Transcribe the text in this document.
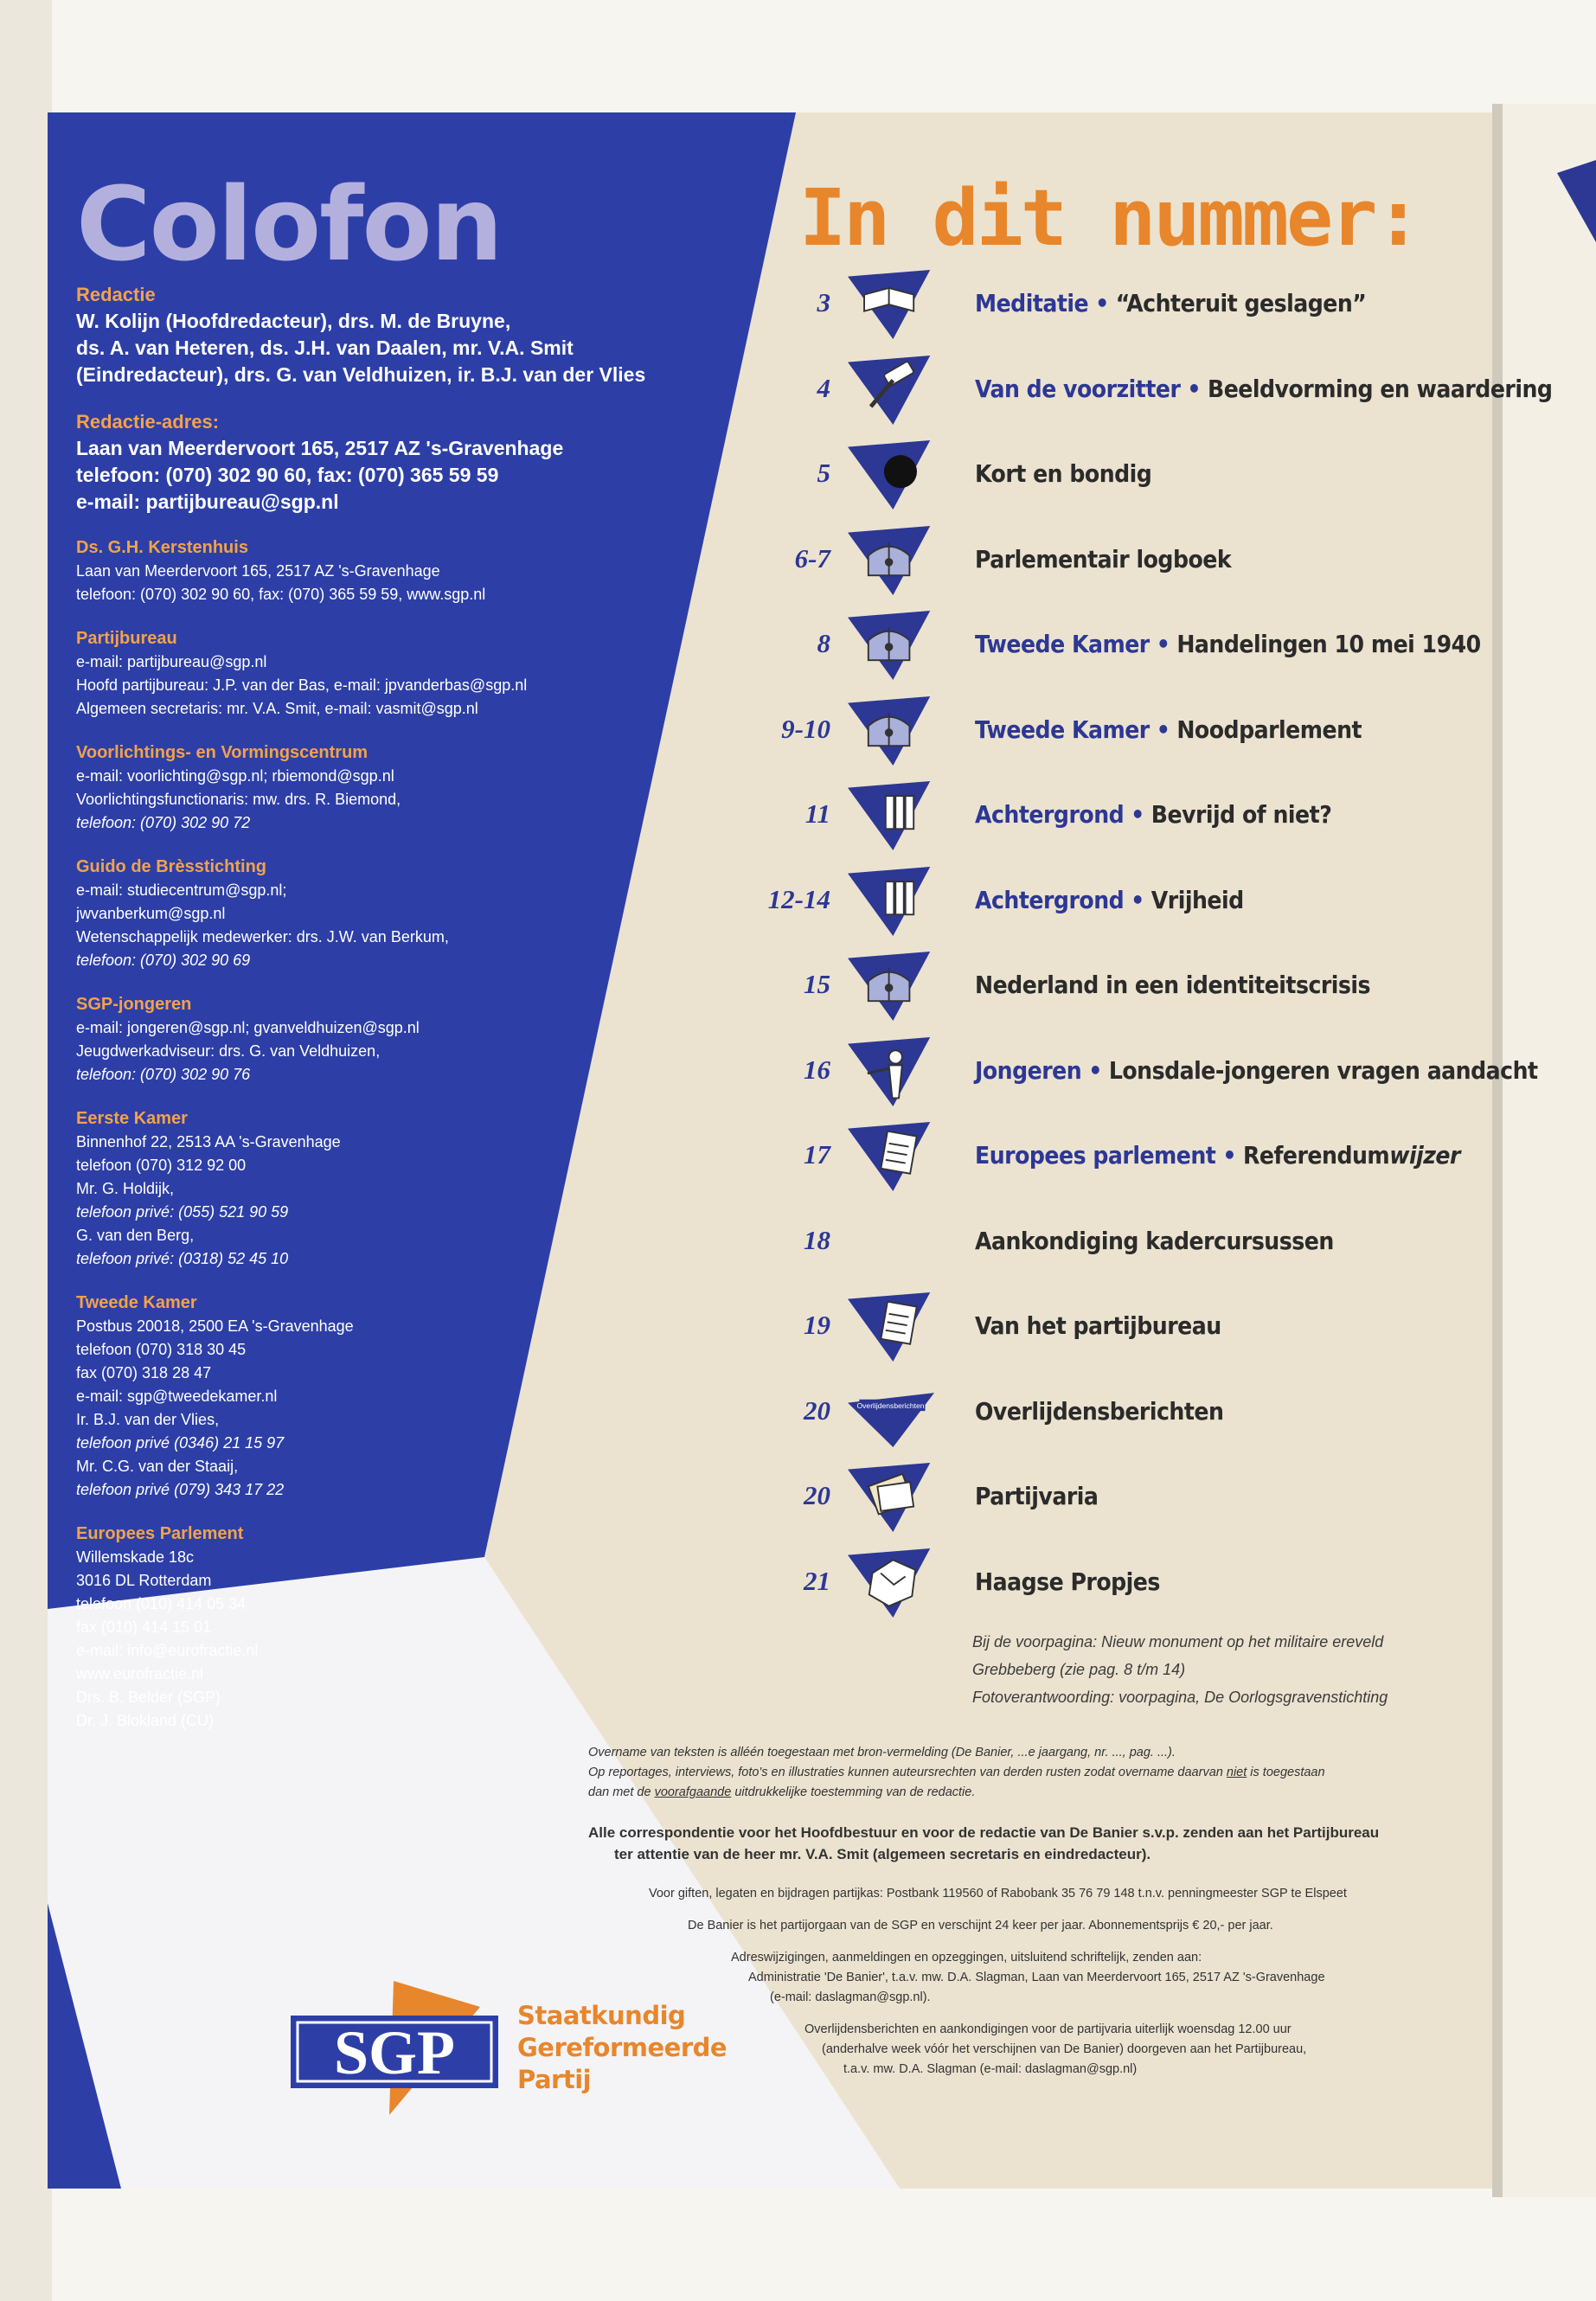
Colofon
Redactie
W. Kolijn (Hoofdredacteur), drs. M. de Bruyne,
ds. A. van Heteren, ds. J.H. van Daalen, mr. V.A. Smit
(Eindredacteur), drs. G. van Veldhuizen, ir. B.J. van der Vlies
Redactie-adres:
Laan van Meerdervoort 165, 2517 AZ 's-Gravenhage
telefoon: (070) 302 90 60, fax: (070) 365 59 59
e-mail: partijbureau@sgp.nl
Ds. G.H. Kerstenhuis
Laan van Meerdervoort 165, 2517 AZ 's-Gravenhage
telefoon: (070) 302 90 60, fax: (070) 365 59 59, www.sgp.nl
Partijbureau
e-mail: partijbureau@sgp.nl
Hoofd partijbureau: J.P. van der Bas, e-mail: jpvanderbas@sgp.nl
Algemeen secretaris: mr. V.A. Smit, e-mail: vasmit@sgp.nl
Voorlichtings- en Vormingscentrum
e-mail: voorlichting@sgp.nl; rbiemond@sgp.nl
Voorlichtingsfunctionaris: mw. drs. R. Biemond,
telefoon: (070) 302 90 72
Guido de Brèsstichting
e-mail: studiecentrum@sgp.nl;
jwvanberkum@sgp.nl
Wetenschappelijk medewerker: drs. J.W. van Berkum,
telefoon: (070) 302 90 69
SGP-jongeren
e-mail: jongeren@sgp.nl; gvanveldhuizen@sgp.nl
Jeugdwerkadviseur: drs. G. van Veldhuizen,
telefoon: (070) 302 90 76
Eerste Kamer
Binnenhof 22, 2513 AA 's-Gravenhage
telefoon (070) 312 92 00
Mr. G. Holdijk,
telefoon privé: (055) 521 90 59
G. van den Berg,
telefoon privé: (0318) 52 45 10
Tweede Kamer
Postbus 20018, 2500 EA 's-Gravenhage
telefoon (070) 318 30 45
fax (070) 318 28 47
e-mail: sgp@tweedekamer.nl
Ir. B.J. van der Vlies,
telefoon privé (0346) 21 15 97
Mr. C.G. van der Staaij,
telefoon privé (079) 343 17 22
Europees Parlement
Willemskade 18c
3016 DL Rotterdam
telefoon (010) 414 05 34
fax (010) 414 15 01
e-mail: info@eurofractie.nl
www.eurofractie.nl
Drs. B. Belder (SGP)
Dr. J. Blokland (CU)
In dit nummer:
3	Meditatie • “Achteruit geslagen”
4	Van de voorzitter • Beeldvorming en waardering
5	Kort en bondig
6-7	Parlementair logboek
8	Tweede Kamer • Handelingen 10 mei 1940
9-10	Tweede Kamer • Noodparlement
11	Achtergrond • Bevrijd of niet?
12-14	Achtergrond • Vrijheid
15	Nederland in een identiteitscrisis
16	Jongeren • Lonsdale-jongeren vragen aandacht
17	Europees parlement • Referendumwijzer
18	Aankondiging kadercursussen
19	Van het partijbureau
20	Overlijdensberichten Overlijdensberichten
20	Partijvaria
21	Haagse Propjes
Bij de voorpagina: Nieuw monument op het militaire ereveld
Grebbeberg (zie pag. 8 t/m 14)
Fotoverantwoording: voorpagina, De Oorlogsgravenstichting
Overname van teksten is alléén toegestaan met bron-vermelding (De Banier, ...e jaargang, nr. ..., pag. ...).
Op reportages, interviews, foto's en illustraties kunnen auteursrechten van derden rusten zodat overname daarvan niet is toegestaan
dan met de voorafgaande uitdrukkelijke toestemming van de redactie.
Alle correspondentie voor het Hoofdbestuur en voor de redactie van De Banier s.v.p. zenden aan het Partijbureau
ter attentie van de heer mr. V.A. Smit (algemeen secretaris en eindredacteur).
Voor giften, legaten en bijdragen partijkas: Postbank 119560 of Rabobank 35 76 79 148 t.n.v. penningmeester SGP te Elspeet
De Banier is het partijorgaan van de SGP en verschijnt 24 keer per jaar. Abonnementsprijs € 20,- per jaar.
Adreswijzigingen, aanmeldingen en opzeggingen, uitsluitend schriftelijk, zenden aan:
Administratie 'De Banier', t.a.v. mw. D.A. Slagman, Laan van Meerdervoort 165, 2517 AZ 's-Gravenhage
(e-mail: daslagman@sgp.nl).
Overlijdensberichten en aankondigingen voor de partijvaria uiterlijk woensdag 12.00 uur
(anderhalve week vóór het verschijnen van De Banier) doorgeven aan het Partijbureau,
t.a.v. mw. D.A. Slagman (e-mail: daslagman@sgp.nl)
SGP
Staatkundig
Gereformeerde
Partij
